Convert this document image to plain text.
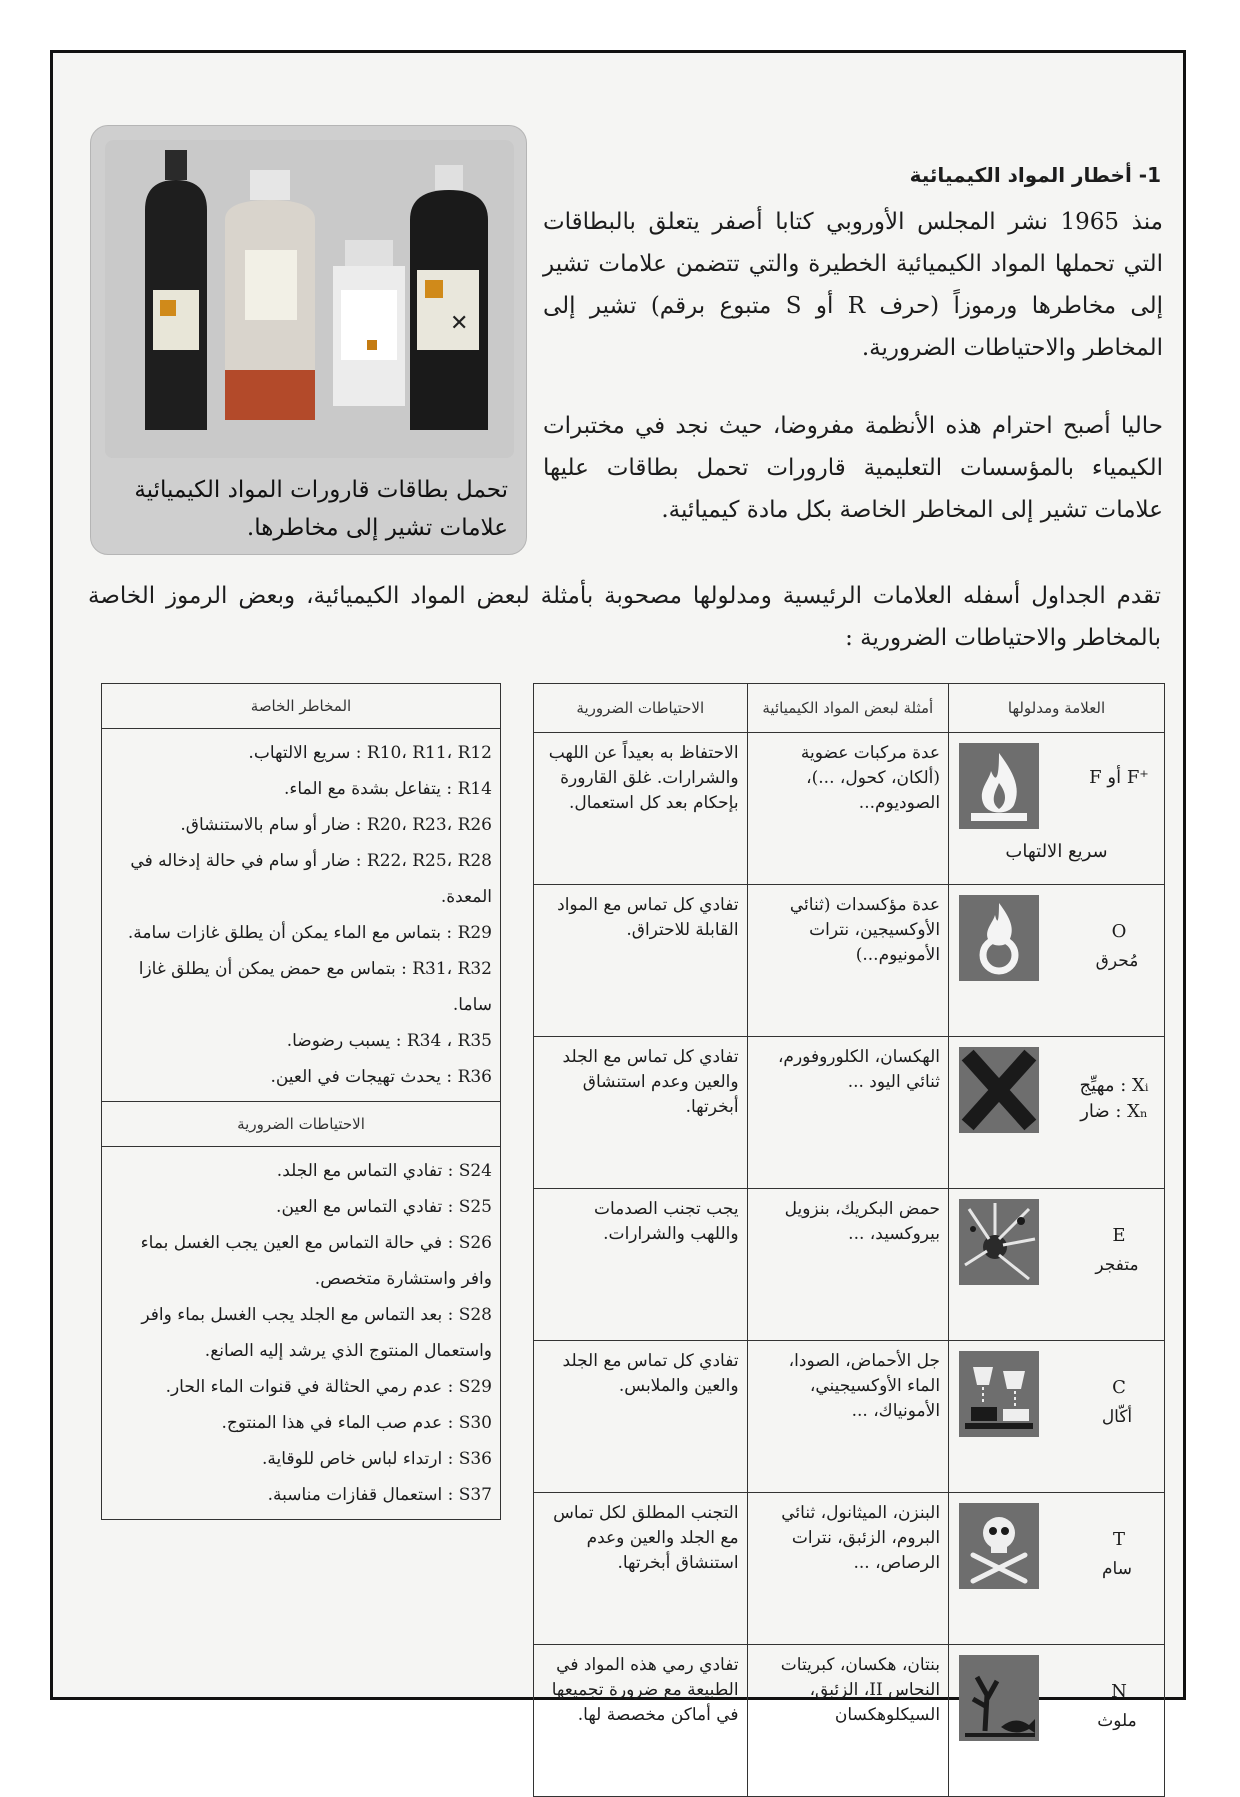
✕
تحمل بطاقات قارورات المواد الكيميائية علامات تشير إلى مخاطرها.
1- أخطار المواد الكيميائية
منذ 1965 نشر المجلس الأوروبي كتابا أصفر يتعلق بالبطاقات التي تحملها المواد الكيميائية الخطيرة والتي تتضمن علامات تشير إلى مخاطرها ورموزاً (حرف R أو S متبوع برقم) تشير إلى المخاطر والاحتياطات الضرورية.
حاليا أصبح احترام هذه الأنظمة مفروضا، حيث نجد في مختبرات الكيمياء بالمؤسسات التعليمية قارورات تحمل بطاقات عليها علامات تشير إلى المخاطر الخاصة بكل مادة كيميائية.
تقدم الجداول أسفله العلامات الرئيسية ومدلولها مصحوبة بأمثلة لبعض المواد الكيميائية، وبعض الرموز الخاصة بالمخاطر والاحتياطات الضرورية :
العلامة ومدلولها	أمثلة لبعض المواد الكيميائية	الاحتياطات الضرورية

F أو F⁺
سريع الالتهاب	عدة مركبات عضوية (ألكان، كحول، ...)، الصوديوم...	الاحتفاظ به بعيداً عن اللهب والشرارات. غلق القارورة بإحكام بعد كل استعمال.

O
مُحرق	عدة مؤكسدات (ثنائي الأوكسيجين، نترات الأمونيوم...)	تفادي كل تماس مع المواد القابلة للاحتراق.

Xᵢ : مهيِّج
Xₙ : ضار	الهكسان، الكلوروفورم، ثنائي اليود ...	تفادي كل تماس مع الجلد والعين وعدم استنشاق أبخرتها.

E
متفجر	حمض البكريك، بنزويل بيروكسيد، ...	يجب تجنب الصدمات واللهب والشرارات.

C
أكّال	جل الأحماض، الصودا، الماء الأوكسيجيني، الأمونياك، ...	تفادي كل تماس مع الجلد والعين والملابس.

T
سام	البنزن، الميثانول، ثنائي البروم، الزئبق، نترات الرصاص، ...	التجنب المطلق لكل تماس مع الجلد والعين وعدم استنشاق أبخرتها.

N
ملوث	بنتان، هكسان، كبريتات النحاس II، الزئبق، السيكلوهكسان	تفادي رمي هذه المواد في الطبيعة مع ضرورة تجميعها في أماكن مخصصة لها.
المخاطر الخاصة

R10، R11، R12 : سريع الالتهاب.
R14 : يتفاعل بشدة مع الماء.
R20، R23، R26 : ضار أو سام بالاستنشاق.
R22، R25، R28 : ضار أو سام في حالة إدخاله في المعدة.
R29 : بتماس مع الماء يمكن أن يطلق غازات سامة.
R31، R32 : بتماس مع حمض يمكن أن يطلق غازا ساما.
R34 ، R35 : يسبب رضوضا.
R36 : يحدث تهيجات في العين.

الاحتياطات الضرورية

S24 : تفادي التماس مع الجلد.
S25 : تفادي التماس مع العين.
S26 : في حالة التماس مع العين يجب الغسل بماء وافر واستشارة متخصص.
S28 : بعد التماس مع الجلد يجب الغسل بماء وافر واستعمال المنتوج الذي يرشد إليه الصانع.
S29 : عدم رمي الحثالة في قنوات الماء الحار.
S30 : عدم صب الماء في هذا المنتوج.
S36 : ارتداء لباس خاص للوقاية.
S37 : استعمال قفازات مناسبة.
